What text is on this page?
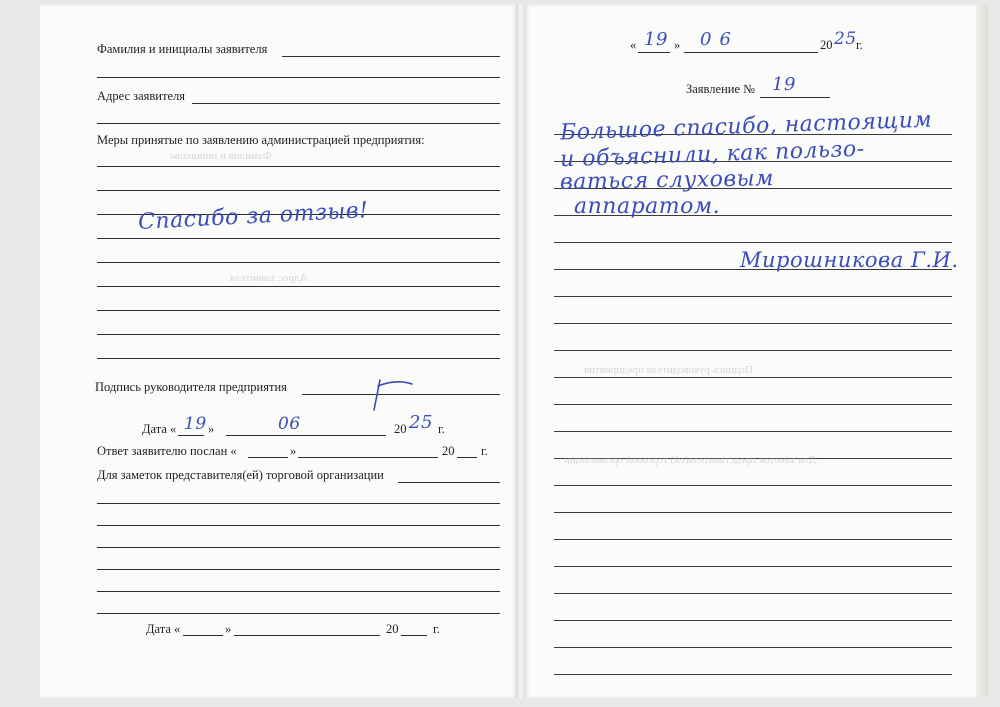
Фамилия и инициалы заявителя
Адрес заявителя
Меры принятые по заявлению администрацией предприятия:
Спасибо за отзыв!
Фамилия и инициалы
Адрес заявителя
Подпись руководителя предприятия
Дата « 19 »	06	20 25 г.
Ответ заявителю послан «	»	20 г.
Для заметок представителя(ей) торговой организации
Дата «	»	20	г.
« 19 » 06	20 25 г.
Заявление № 19
Большое спасибо, настоящим
и объяснили, как пользо-
ваться слуховым
аппаратом.
Мирошникова Г.И.
Подпись руководителя предприятия
Для заметок представителя(ей) торговой организации
